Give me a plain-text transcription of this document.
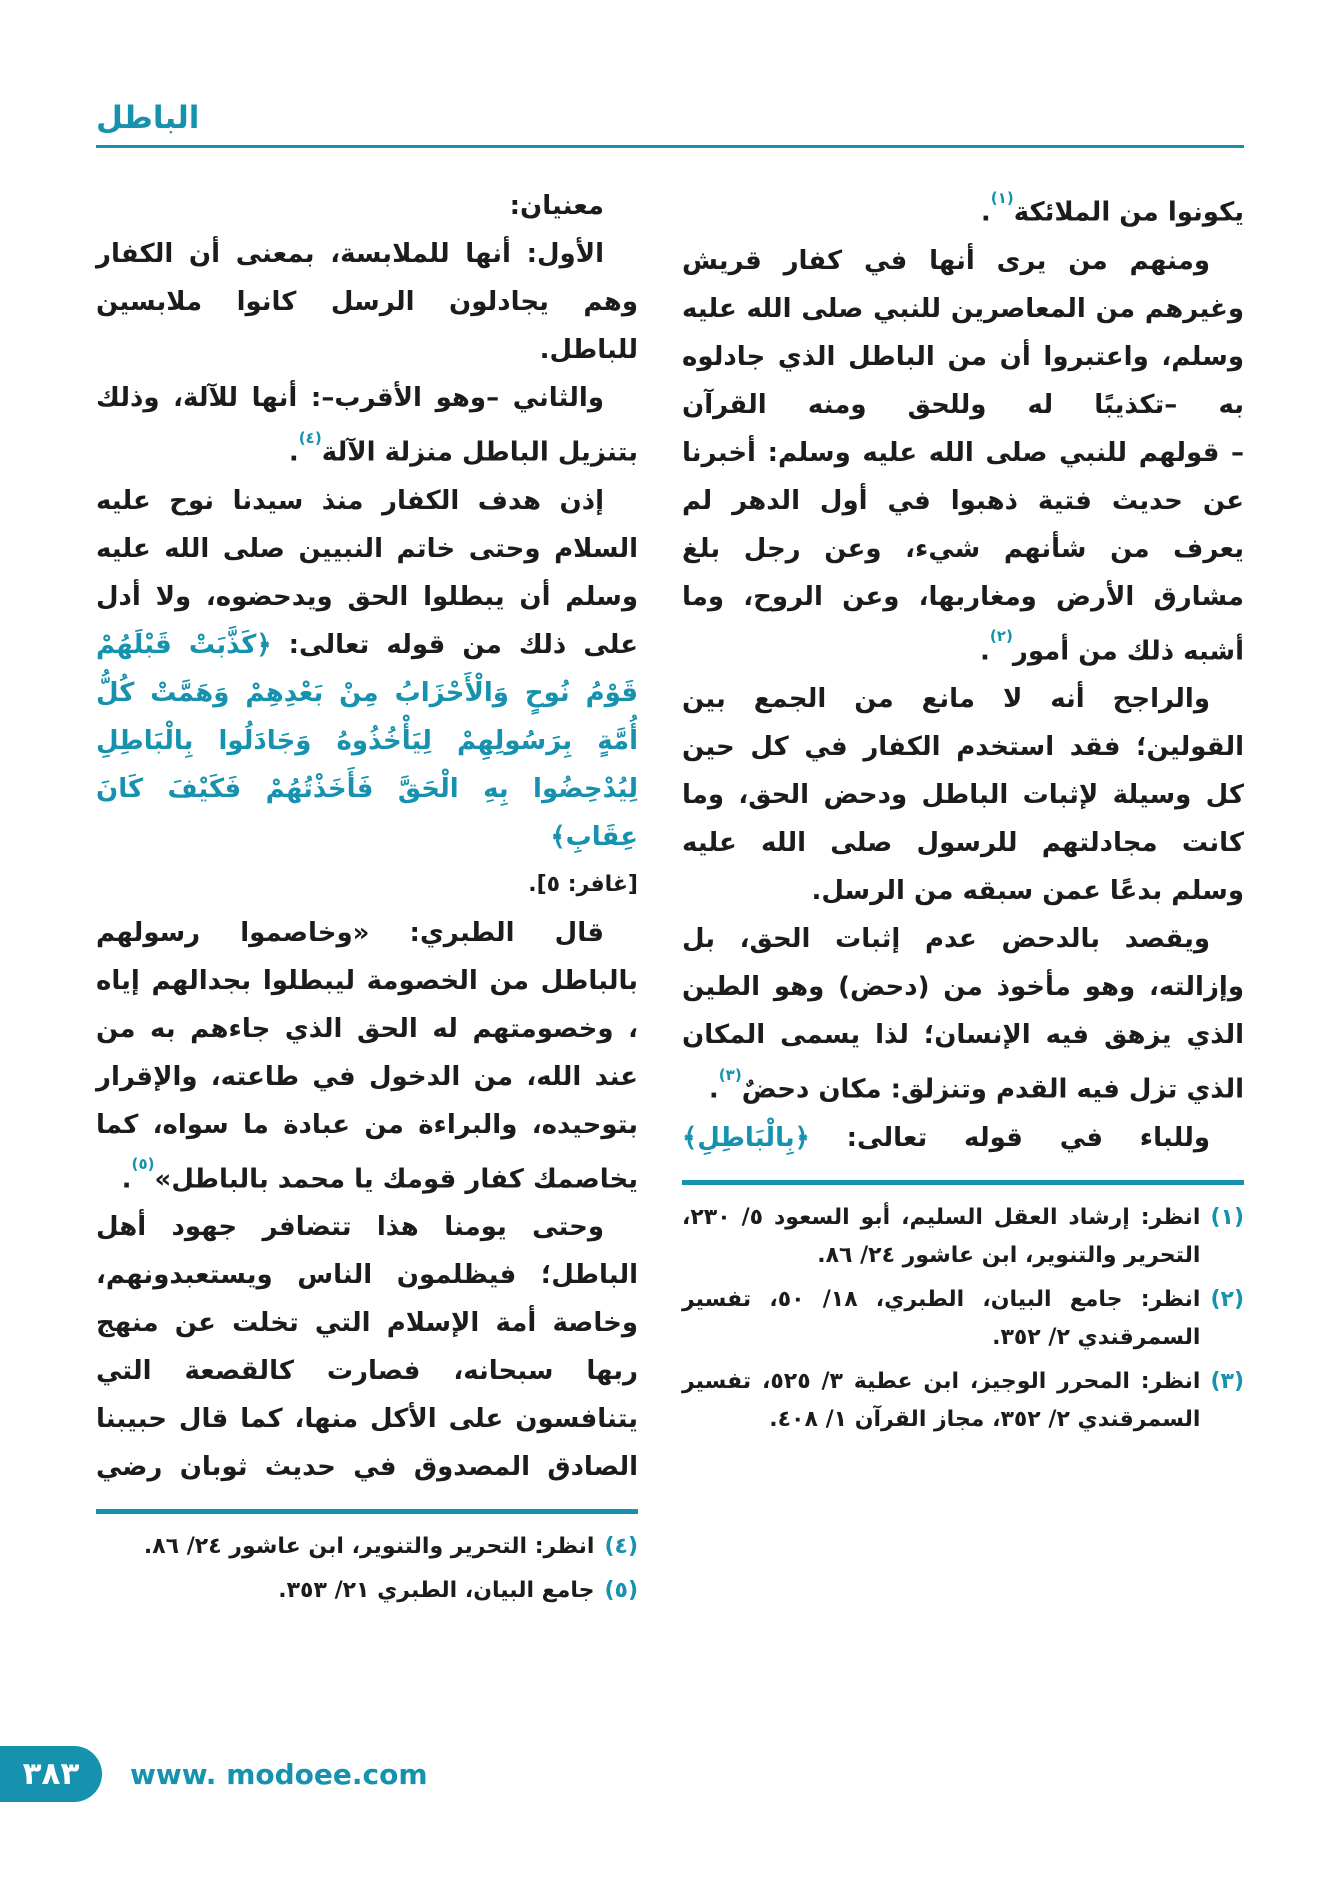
الباطل

يكونوا من الملائكة$^{(١)}$.

ومنهم من يرى أنها في كفار قريش وغيرهم من المعاصرين للنبي صلى الله عليه وسلم، واعتبروا أن من الباطل الذي جادلوه به –تكذيبًا له وللحق ومنه القرآن

– قولهم للنبي صلى الله عليه وسلم: أخبرنا عن حديث فتية ذهبوا في أول الدهر لم يعرف من شأنهم شيء، وعن رجل بلغ مشارق الأرض ومغاربها، وعن الروح، وما أشبه ذلك من أمور$^{(٢)}$.

والراجح أنه لا مانع من الجمع بين القولين؛ فقد استخدم الكفار في كل حين كل وسيلة لإثبات الباطل ودحض الحق، وما كانت مجادلتهم للرسول صلى الله عليه وسلم بدعًا عمن سبقه من الرسل.

ويقصد بالدحض عدم إثبات الحق، بل وإزالته، وهو مأخوذ من (دحض) وهو الطين الذي يزهق فيه الإنسان؛ لذا يسمى المكان الذي تزل فيه القدم وتنزلق: مكان دحضٌ$^{(٣)}$.

وللباء في قوله تعالى: ﴿بِالْبَاطِلِ﴾

(١)
انظر: إرشاد العقل السليم، أبو السعود ٥/ ٢٣٠، التحرير والتنوير، ابن عاشور ٢٤/ ٨٦.
(٢)
انظر: جامع البيان، الطبري، ١٨/ ٥٠، تفسير السمرقندي ٢/ ٣٥٢.
(٣)
انظر: المحرر الوجيز، ابن عطية ٣/ ٥٢٥، تفسير السمرقندي ٢/ ٣٥٢، مجاز القرآن ١/ ٤٠٨.

معنيان:

الأول: أنها للملابسة، بمعنى أن الكفار وهم يجادلون الرسل كانوا ملابسين للباطل.

والثاني –وهو الأقرب–: أنها للآلة، وذلك بتنزيل الباطل منزلة الآلة$^{(٤)}$.

إذن هدف الكفار منذ سيدنا نوح عليه السلام وحتى خاتم النبيين صلى الله عليه وسلم أن يبطلوا الحق ويدحضوه، ولا أدل على ذلك من قوله تعالى: ﴿كَذَّبَتْ قَبْلَهُمْ قَوْمُ نُوحٍ وَالْأَحْزَابُ مِنْ بَعْدِهِمْ وَهَمَّتْ كُلُّ أُمَّةٍ بِرَسُولِهِمْ لِيَأْخُذُوهُ وَجَادَلُوا بِالْبَاطِلِ لِيُدْحِضُوا بِهِ الْحَقَّ فَأَخَذْتُهُمْ فَكَيْفَ كَانَ عِقَابِ﴾
[غافر: ٥].

قال الطبري: «وخاصموا رسولهم بالباطل من الخصومة ليبطلوا بجدالهم إياه ، وخصومتهم له الحق الذي جاءهم به من عند الله، من الدخول في طاعته، والإقرار بتوحيده، والبراءة من عبادة ما سواه، كما يخاصمك كفار قومك يا محمد بالباطل»$^{(٥)}$.

وحتى يومنا هذا تتضافر جهود أهل الباطل؛ فيظلمون الناس ويستعبدونهم، وخاصة أمة الإسلام التي تخلت عن منهج ربها سبحانه، فصارت كالقصعة التي يتنافسون على الأكل منها، كما قال حبيبنا الصادق المصدوق في حديث ثوبان رضي

(٤)
انظر: التحرير والتنوير، ابن عاشور ٢٤/ ٨٦.
(٥)
جامع البيان، الطبري ٢١/ ٣٥٣.
٣٨٣ www. modoee.com
